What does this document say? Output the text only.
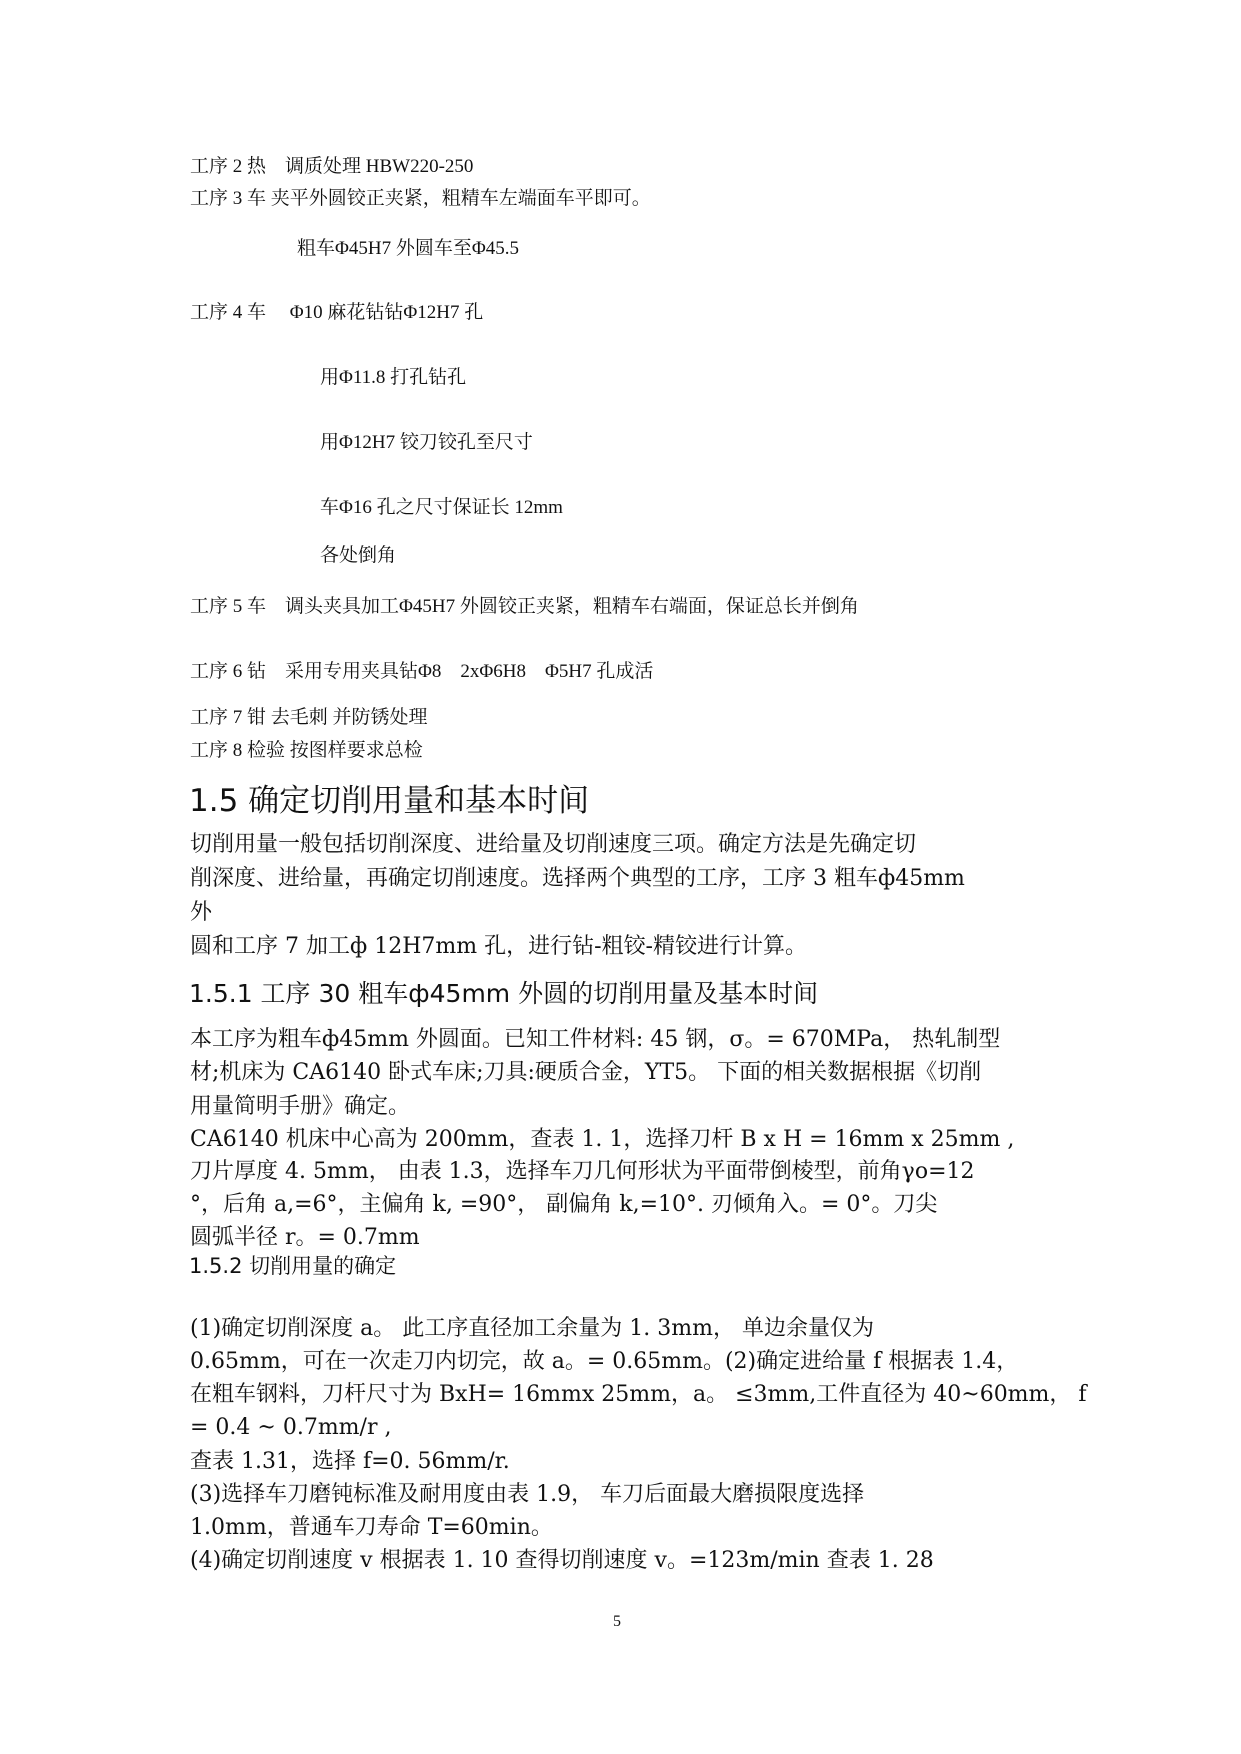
工序 2 热　调质处理 HBW220-250
工序 3 车 夹平外圆铰正夹紧，粗精车左端面车平即可。
粗车Φ45H7 外圆车至Φ45.5
工序 4 车　 Φ10 麻花钻钻Φ12H7 孔
用Φ11.8 打孔钻孔
用Φ12H7 铰刀铰孔至尺寸
车Φ16 孔之尺寸保证长 12mm
各处倒角
工序 5 车　调头夹具加工Φ45H7 外圆铰正夹紧，粗精车右端面，保证总长并倒角
工序 6 钻　采用专用夹具钻Φ8　2xΦ6H8　Φ5H7 孔成活
工序 7 钳 去毛刺 并防锈处理
工序 8 检验 按图样要求总检
1.5 确定切削用量和基本时间
切削用量一般包括切削深度、进给量及切削速度三项。确定方法是先确定切
削深度、进给量，再确定切削速度。选择两个典型的工序，工序 3 粗车ф45mm
外
圆和工序 7 加工ф 12H7mm 孔，进行钻-粗铰-精铰进行计算。
1.5.1 工序 30 粗车ф45mm 外圆的切削用量及基本时间
本工序为粗车ф45mm 外圆面。已知工件材料: 45 钢，σ。= 670MPa， 热轧制型
材;机床为 CA6140 卧式车床;刀具:硬质合金，YT5。 下面的相关数据根据《切削
用量简明手册》确定。
CA6140 机床中心高为 200mm，查表 1. 1，选择刀杆 B x H = 16mm x 25mm ,
刀片厚度 4. 5mm， 由表 1.3，选择车刀几何形状为平面带倒棱型，前角γo=12
°，后角 a,=6°，主偏角 k, =90°， 副偏角 k,=10°. 刃倾角入。= 0°。刀尖
圆弧半径 r。= 0.7mm
1.5.2 切削用量的确定
(1)确定切削深度 a。 此工序直径加工余量为 1. 3mm， 单边余量仅为
0.65mm，可在一次走刀内切完，故 a。= 0.65mm。(2)确定进给量 f 根据表 1.4，
在粗车钢料，刀杆尺寸为 BxH= 16mmx 25mm，a。 ≤3mm,工件直径为 40~60mm， f
= 0.4 ~ 0.7mm/r ,
查表 1.31，选择 f=0. 56mm/r.
(3)选择车刀磨钝标准及耐用度由表 1.9， 车刀后面最大磨损限度选择
1.0mm，普通车刀寿命 T=60min。
(4)确定切削速度 v 根据表 1. 10 查得切削速度 v。=123m/min 查表 1. 28
5
